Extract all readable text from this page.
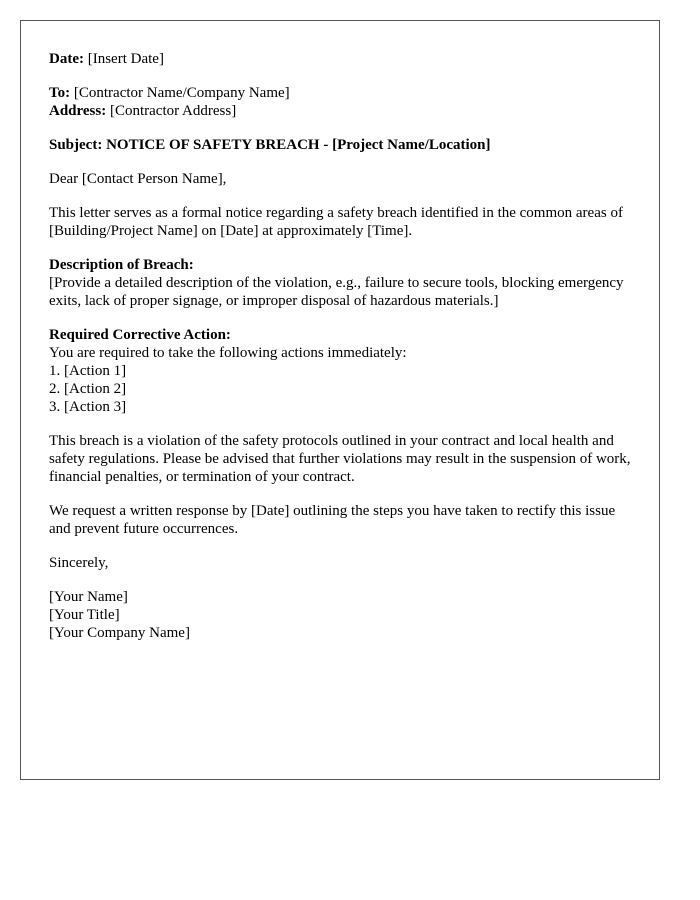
Date: [Insert Date]

To: [Contractor Name/Company Name]
Address: [Contractor Address]

Subject: NOTICE OF SAFETY BREACH - [Project Name/Location]

Dear [Contact Person Name],

This letter serves as a formal notice regarding a safety breach identified in the common areas of [Building/Project Name] on [Date] at approximately [Time].

Description of Breach:
[Provide a detailed description of the violation, e.g., failure to secure tools, blocking emergency exits, lack of proper signage, or improper disposal of hazardous materials.]

Required Corrective Action:
You are required to take the following actions immediately:
1. [Action 1]
2. [Action 2]
3. [Action 3]

This breach is a violation of the safety protocols outlined in your contract and local health and safety regulations. Please be advised that further violations may result in the suspension of work, financial penalties, or termination of your contract.

We request a written response by [Date] outlining the steps you have taken to rectify this issue and prevent future occurrences.

Sincerely,

[Your Name]
[Your Title]
[Your Company Name]
